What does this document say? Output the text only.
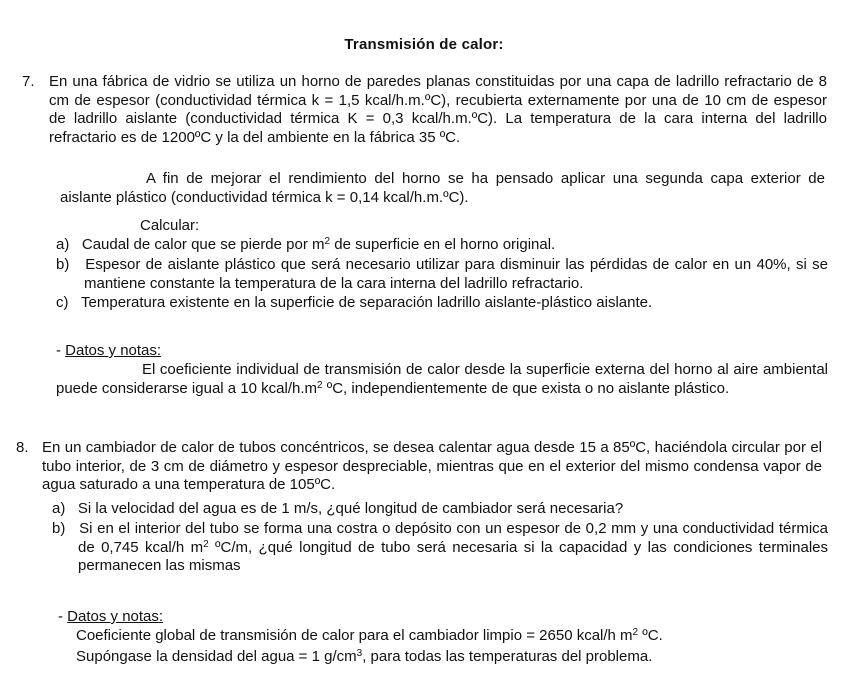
Transmisión de calor:
7. En una fábrica de vidrio se utiliza un horno de paredes planas constituidas por una capa de ladrillo refractario de 8 cm de espesor (conductividad térmica k = 1,5 kcal/h.m.ºC), recubierta externamente por una de 10 cm de espesor de ladrillo aislante (conductividad térmica K = 0,3 kcal/h.m.ºC). La temperatura de la cara interna del ladrillo refractario es de 1200ºC y la del ambiente en la fábrica 35 ºC.

A fin de mejorar el rendimiento del horno se ha pensado aplicar una segunda capa exterior de aislante plástico (conductividad térmica k = 0,14 kcal/h.m.ºC).

Calcular:

a) Caudal de calor que se pierde por $m^2$ de superficie en el horno original.

b) Espesor de aislante plástico que será necesario utilizar para disminuir las pérdidas de calor en un 40%, si se mantiene constante la temperatura de la cara interna del ladrillo refractario.

c) Temperatura existente en la superficie de separación ladrillo aislante-plástico aislante.

- Datos y notas:

El coeficiente individual de transmisión de calor desde la superficie externa del horno al aire ambiental puede considerarse igual a 10 kcal/$h.m^2$ ºC, independientemente de que exista o no aislante plástico.

8. En un cambiador de calor de tubos concéntricos, se desea calentar agua desde 15 a 85ºC, haciéndola circular por el tubo interior, de 3 cm de diámetro y espesor despreciable, mientras que en el exterior del mismo condensa vapor de agua saturado a una temperatura de 105ºC.

a) Si la velocidad del agua es de 1 m/s, ¿qué longitud de cambiador será necesaria?

b) Si en el interior del tubo se forma una costra o depósito con un espesor de 0,2 mm y una conductividad térmica de 0,745 kcal/h $m^2$ ºC/m, ¿qué longitud de tubo será necesaria si la capacidad y las condiciones terminales permanecen las mismas

- Datos y notas:
Coeficiente global de transmisión de calor para el cambiador limpio = 2650 kcal/h $m^2$ ºC.
Supóngase la densidad del agua = 1 $g/cm^3$, para todas las temperaturas del problema.
